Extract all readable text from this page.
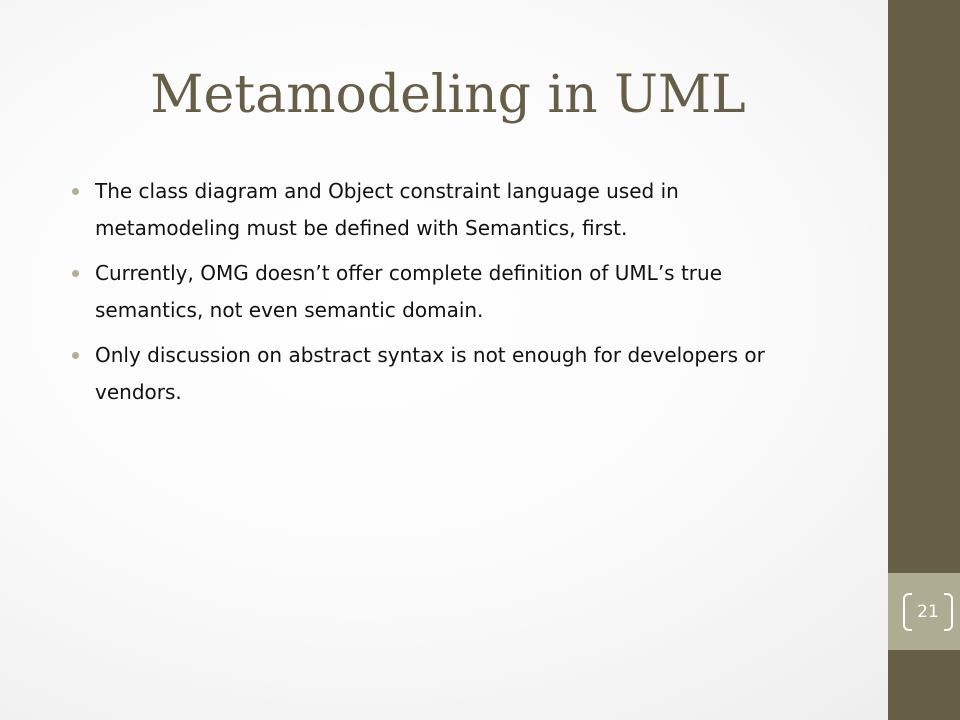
21
Metamodeling in UML
The class diagram and Object constraint language used in metamodeling must be defined with Semantics, first.
Currently, OMG doesn’t offer complete definition of UML’s true semantics, not even semantic domain.
Only discussion on abstract syntax is not enough for developers or vendors.
